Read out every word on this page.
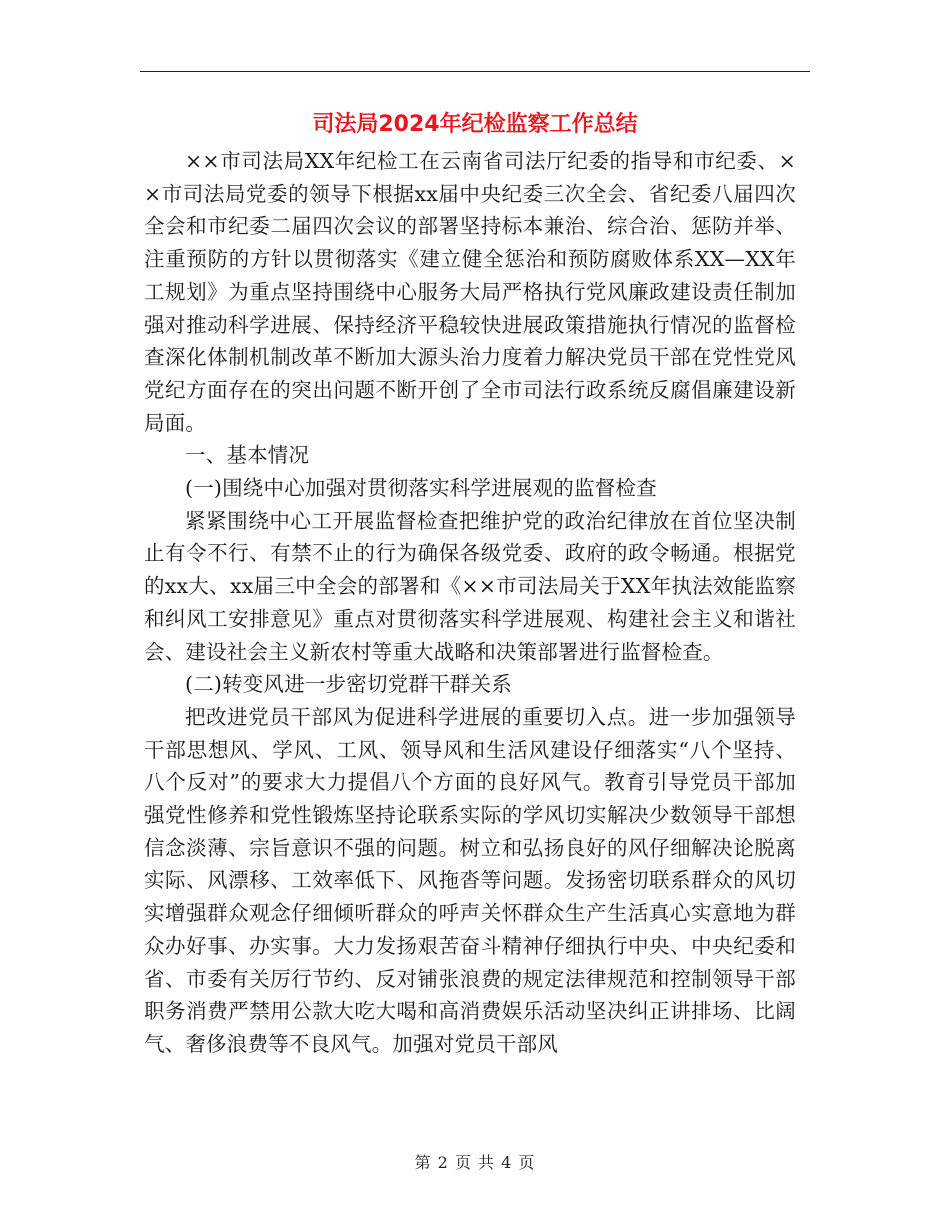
司法局2024年纪检监察工作总结

××市司法局XX年纪检工在云南省司法厅纪委的指导和市纪委、××市司法局党委的领导下根据xx届中央纪委三次全会、省纪委八届四次全会和市纪委二届四次会议的部署坚持标本兼治、综合治、惩防并举、注重预防的方针以贯彻落实《建立健全惩治和预防腐败体系XX—XX年工规划》为重点坚持围绕中心服务大局严格执行党风廉政建设责任制加强对推动科学进展、保持经济平稳较快进展政策措施执行情况的监督检查深化体制机制改革不断加大源头治力度着力解决党员干部在党性党风党纪方面存在的突出问题不断开创了全市司法行政系统反腐倡廉建设新局面。

一、基本情况

(一)围绕中心加强对贯彻落实科学进展观的监督检查

紧紧围绕中心工开展监督检查把维护党的政治纪律放在首位坚决制止有令不行、有禁不止的行为确保各级党委、政府的政令畅通。根据党的xx大、xx届三中全会的部署和《××市司法局关于XX年执法效能监察和纠风工安排意见》重点对贯彻落实科学进展观、构建社会主义和谐社会、建设社会主义新农村等重大战略和决策部署进行监督检查。

(二)转变风进一步密切党群干群关系

把改进党员干部风为促进科学进展的重要切入点。进一步加强领导干部思想风、学风、工风、领导风和生活风建设仔细落实“八个坚持、八个反对”的要求大力提倡八个方面的良好风气。教育引导党员干部加强党性修养和党性锻炼坚持论联系实际的学风切实解决少数领导干部想信念淡薄、宗旨意识不强的问题。树立和弘扬良好的风仔细解决论脱离实际、风漂移、工效率低下、风拖沓等问题。发扬密切联系群众的风切实增强群众观念仔细倾听群众的呼声关怀群众生产生活真心实意地为群众办好事、办实事。大力发扬艰苦奋斗精神仔细执行中央、中央纪委和省、市委有关厉行节约、反对铺张浪费的规定法律规范和控制领导干部职务消费严禁用公款大吃大喝和高消费娱乐活动坚决纠正讲排场、比阔气、奢侈浪费等不良风气。加强对党员干部风

第 2 页 共 4 页
